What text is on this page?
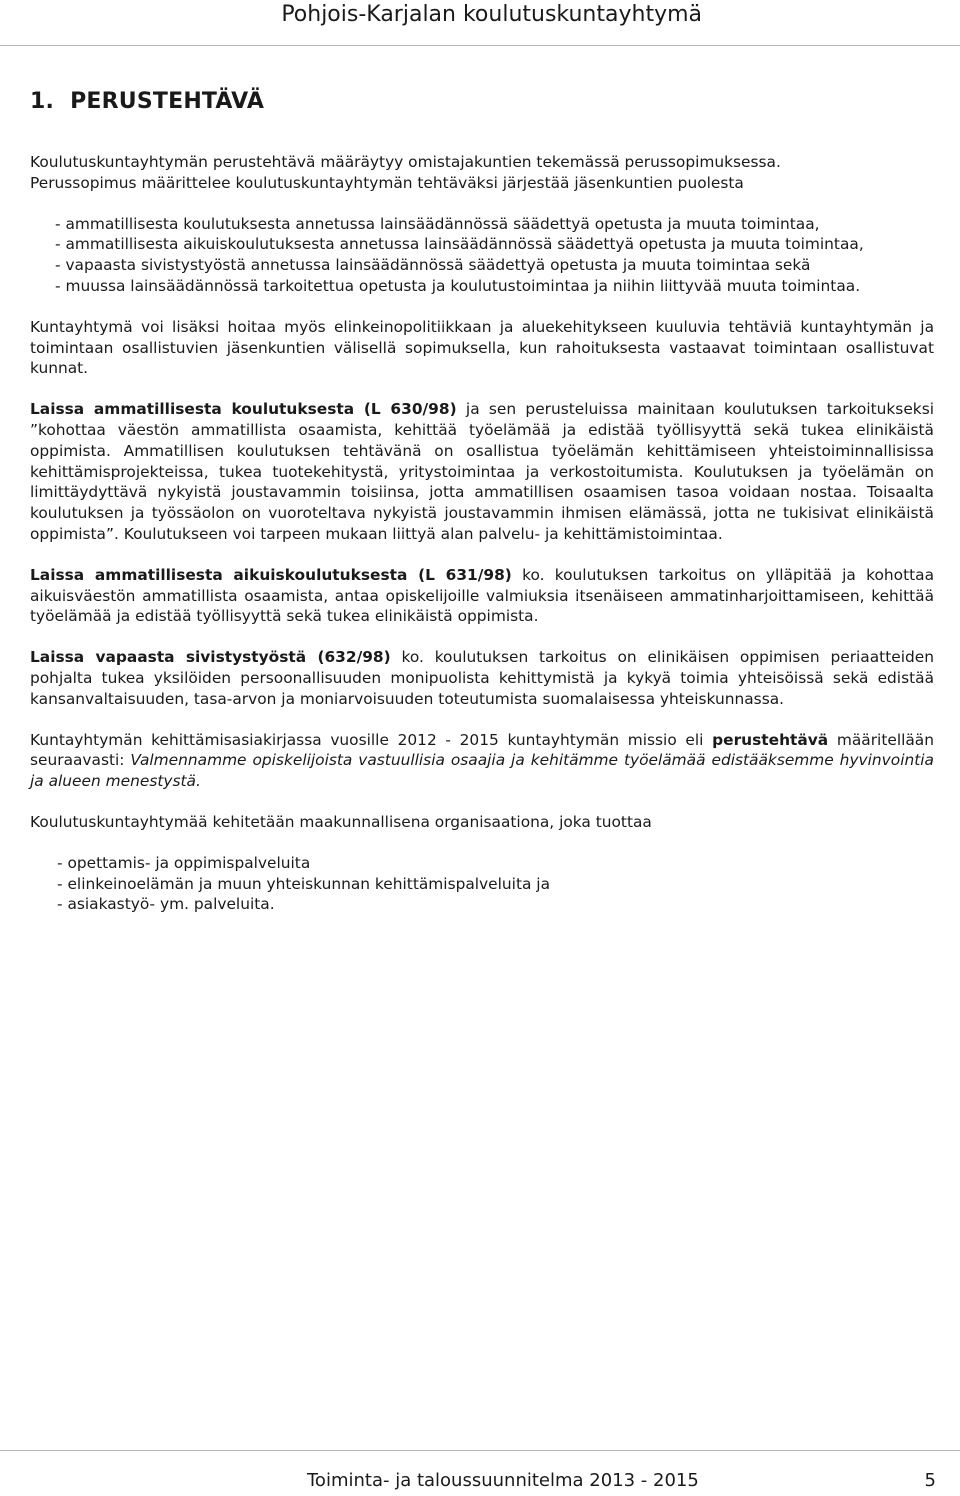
Pohjois-Karjalan koulutuskuntayhtymä
1. PERUSTEHTÄVÄ

Koulutuskuntayhtymän perustehtävä määräytyy omistajakuntien tekemässä perussopimuksessa.

Perussopimus määrittelee koulutuskuntayhtymän tehtäväksi järjestää jäsenkuntien puolesta

- ammatillisesta koulutuksesta annetussa lainsäädännössä säädettyä opetusta ja muuta toimintaa,
- ammatillisesta aikuiskoulutuksesta annetussa lainsäädännössä säädettyä opetusta ja muuta toimintaa,
- vapaasta sivistystyöstä annetussa lainsäädännössä säädettyä opetusta ja muuta toimintaa sekä
- muussa lainsäädännössä tarkoitettua opetusta ja koulutustoimintaa ja niihin liittyvää muuta toimintaa.

Kuntayhtymä voi lisäksi hoitaa myös elinkeinopolitiikkaan ja aluekehitykseen kuuluvia tehtäviä kuntayhtymän ja toimintaan osallistuvien jäsenkuntien välisellä sopimuksella, kun rahoituksesta vastaavat toimintaan osallistuvat kunnat.

Laissa ammatillisesta koulutuksesta (L 630/98) ja sen perusteluissa mainitaan koulutuksen tarkoitukseksi ”kohottaa väestön ammatillista osaamista, kehittää työelämää ja edistää työllisyyttä sekä tukea elinikäistä oppimista. Ammatillisen koulutuksen tehtävänä on osallistua työelämän kehittämiseen yhteistoiminnallisissa kehittämisprojekteissa, tukea tuotekehitystä, yritystoimintaa ja verkostoitumista. Koulutuksen ja työelämän on limittäydyttävä nykyistä joustavammin toisiinsa, jotta ammatillisen osaamisen tasoa voidaan nostaa. Toisaalta koulutuksen ja työssäolon on vuoroteltava nykyistä joustavammin ihmisen elämässä, jotta ne tukisivat elinikäistä oppimista”. Koulutukseen voi tarpeen mukaan liittyä alan palvelu- ja kehittämistoimintaa.

Laissa ammatillisesta aikuiskoulutuksesta (L 631/98) ko. koulutuksen tarkoitus on ylläpitää ja kohottaa aikuisväestön ammatillista osaamista, antaa opiskelijoille valmiuksia itsenäiseen ammatinharjoittamiseen, kehittää työelämää ja edistää työllisyyttä sekä tukea elinikäistä oppimista.

Laissa vapaasta sivistystyöstä (632/98) ko. koulutuksen tarkoitus on elinikäisen oppimisen periaatteiden pohjalta tukea yksilöiden persoonallisuuden monipuolista kehittymistä ja kykyä toimia yhteisöissä sekä edistää kansanvaltaisuuden, tasa-arvon ja moniarvoisuuden toteutumista suomalaisessa yhteiskunnassa.

Kuntayhtymän kehittämisasiakirjassa vuosille 2012 - 2015 kuntayhtymän missio eli perustehtävä määritellään seuraavasti: Valmennamme opiskelijoista vastuullisia osaajia ja kehitämme työelämää edistääksemme hyvinvointia ja alueen menestystä.

Koulutuskuntayhtymää kehitetään maakunnallisena organisaationa, joka tuottaa

- opettamis- ja oppimispalveluita
- elinkeinoelämän ja muun yhteiskunnan kehittämispalveluita ja
- asiakastyö- ym. palveluita.

Toiminta- ja taloussuunnitelma 2013 - 2015	5
